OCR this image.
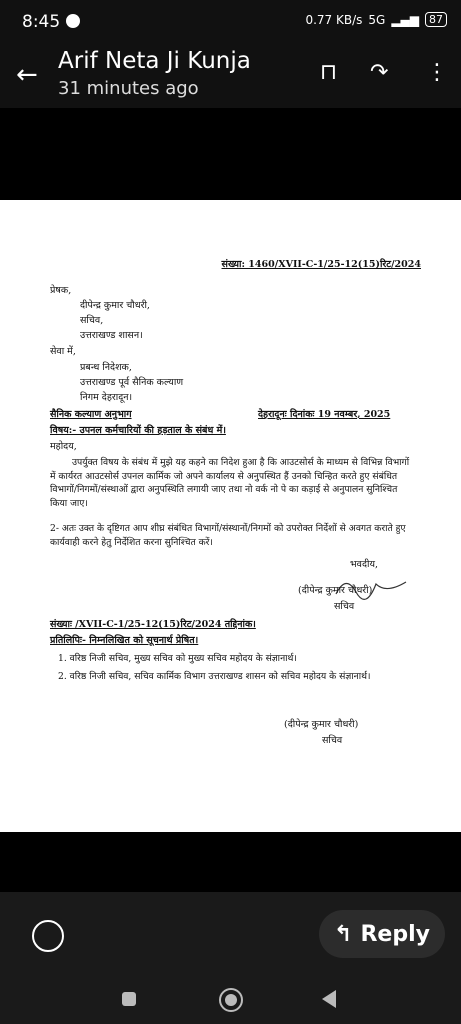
8:45	0.77 KB/s 5G ▂▄▆ 87
← Arif Neta Ji Kunja
31 minutes ago
⊓ ↷ ⋮
संख्या: 1460/XVII-C-1/25-12(15)रिट/2024
प्रेषक,
दीपेन्द्र कुमार चौधरी,
सचिव,
उत्तराखण्ड शासन।
सेवा में,
प्रबन्ध निदेशक,
उत्तराखण्ड पूर्व सैनिक कल्याण
निगम देहरादून।
सैनिक कल्याण अनुभाग	देहरादूनः दिनांकः 19 नवम्बर, 2025
विषय:- उपनल कर्मचारियों की हड़ताल के संबंध में।
महोदय,
उपर्युक्त विषय के संबंध में मुझे यह कहने का निदेश हुआ है कि आउटसोर्स के माध्यम से विभिन्न विभागों में कार्यरत आउटसोर्स उपनल कार्मिक जो अपने कार्यालय से अनुपस्थित हैं उनको चिन्हित करते हुए संबंधित विभागों/निगमों/संस्थाओं द्वारा अनुपस्थिति लगायी जाए तथा नो वर्क नो पे का कड़ाई से अनुपालन सुनिश्चित किया जाए।
2- अतः उक्त के दृष्टिगत आप शीघ्र संबंधित विभागों/संस्थानों/निगमों को उपरोक्त निर्देशों से अवगत कराते हुए कार्यवाही करने हेतु निर्देशित करना सुनिश्चित करें।
भवदीय,
(दीपेन्द्र कुमार चौधरी)
सचिव
संख्याः /XVII-C-1/25-12(15)रिट/2024 तद्दिनांक।
प्रतिलिपिः- निम्नलिखित को सूचनार्थ प्रेषित।
1. वरिष्ठ निजी सचिव, मुख्य सचिव को मुख्य सचिव महोदय के संज्ञानार्थ।
2. वरिष्ठ निजी सचिव, सचिव कार्मिक विभाग उत्तराखण्ड शासन को सचिव महोदय के संज्ञानार्थ।
(दीपेन्द्र कुमार चौधरी)
सचिव
↰ Reply
